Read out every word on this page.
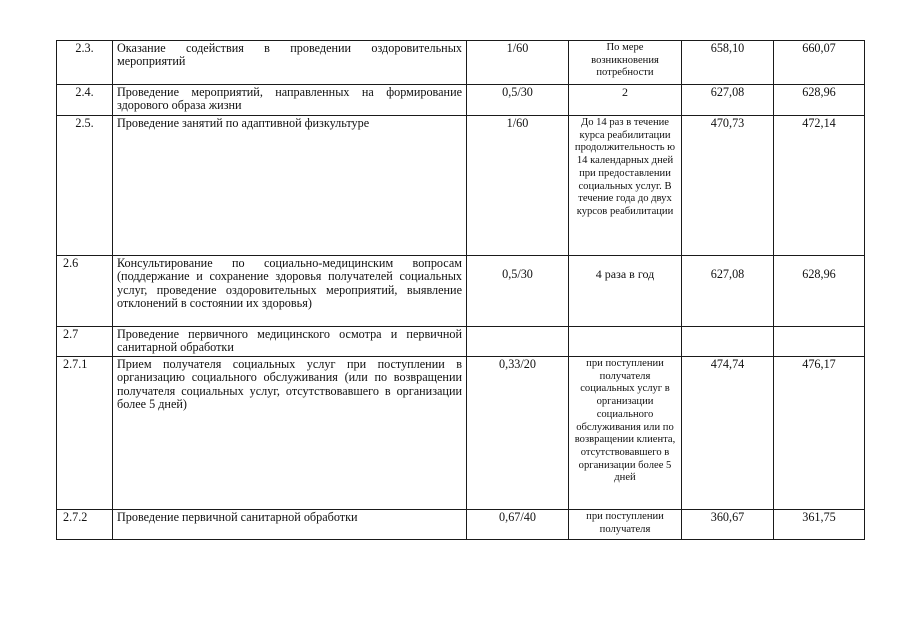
2.3.	Оказание содействия в проведении оздоровительных мероприятий	1/60	По мере возникновения потребности	658,10	660,07
2.4.	Проведение мероприятий, направленных на формирование здорового образа жизни	0,5/30	2	627,08	628,96
2.5.	Проведение занятий по адаптивной физкультуре	1/60	До 14 раз в течение курса реабилитации продолжительность ю 14 календарных дней при предоставлении социальных услуг. В течение года до двух курсов реабилитации	470,73	472,14
2.6	Консультирование по социально-медицинским вопросам (поддержание и сохранение здоровья получателей социальных услуг, проведение оздоровительных мероприятий, выявление отклонений в состоянии их здоровья)	0,5/30	4 раза в год	627,08	628,96
2.7	Проведение первичного медицинского осмотра и первичной санитарной обработки				
2.7.1	Прием получателя социальных услуг при поступлении в организацию социального обслуживания (или по возвращении получателя социальных услуг, отсутствовавшего в организации более 5 дней)	0,33/20	при поступлении получателя социальных услуг в организации социального обслуживания или по возвращении клиента, отсутствовавшего в организации более 5 дней	474,74	476,17
2.7.2	Проведение первичной санитарной обработки	0,67/40	при поступлении получателя	360,67	361,75
